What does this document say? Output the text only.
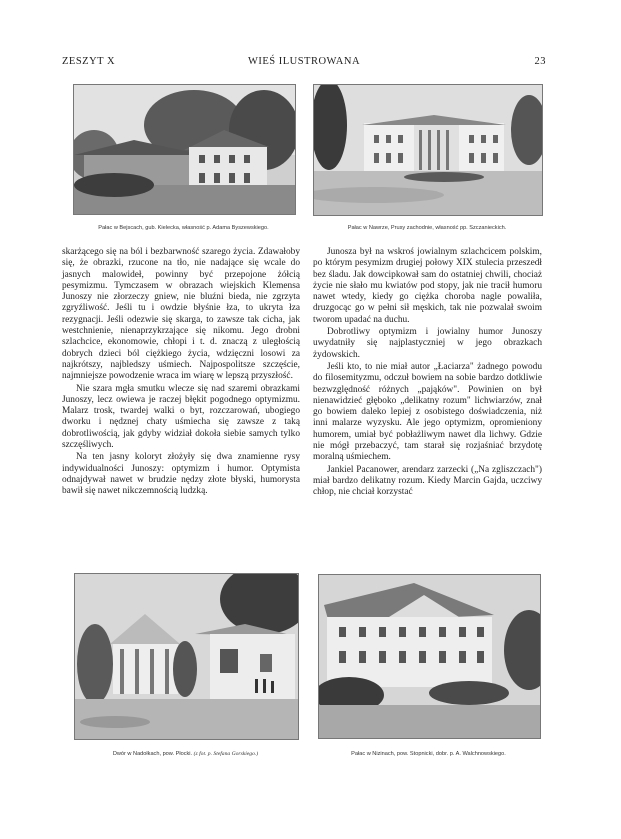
ZESZYT X	WIEŚ ILUSTROWANA	23
Pałac w Bejscach, gub. Kieleckа, własność p. Adama Byszewskiego.	Pałac w Nawrze, Prusy zachodnie, własność pp. Szczanieckich.

skarżącego się na ból i bezbarwność szarego życia. Zdawałoby się, że obrazki, rzucone na tło, nie nadające się wcale do jasnych malowideł, powinny być przepojone żółcią pesymizmu. Tymczasem w obrazach wiejskich Klemensa Junoszy nie złorzeczy gniew, nie bluźni bieda, nie zgrzyta zgryźliwość. Jeśli tu i owdzie błyśnie łza, to ukryta łza rezygnacji. Jeśli odezwie się skarga, to zawsze tak cicha, jak westchnienie, nienaprzykrzające się nikomu. Jego drobni szlachcice, ekonomowie, chłopi i t. d. znaczą z uległością dobrych dzieci ból ciężkiego życia, wdzięczni losowi za najkrótszy, najbledszy uśmiech. Najpospolitsze szczęście, najmniejsze powodzenie wraca im wiarę w lepszą przyszłość.

Nie szara mgła smutku wlecze się nad szaremi obrazkami Junoszy, lecz owiewa je raczej błękit pogodnego optymizmu. Malarz trosk, twardej walki o byt, rozczarowań, ubogiego dworku i nędznej chaty uśmiecha się zawsze z taką dobrotliwością, jak gdyby widział dokoła siebie samych tylko szczęśliwych.

Na ten jasny koloryt złożyły się dwa znamienne rysy indywidualności Junoszy: optymizm i humor. Optymista odnajdywał nawet w brudzie nędzy złote błyski, humorysta bawił się nawet nikczemnością ludzką.

Junosza był na wskroś jowialnym szlachcicem polskim, po którym pesymizm drugiej połowy XIX stulecia przeszedł bez śladu. Jak dowcipkował sam do ostatniej chwili, chociaż życie nie słało mu kwiatów pod stopy, jak nie tracił humoru nawet wtedy, kiedy go ciężka choroba nagle powaliła, druzgocąc go w pełni sił męskich, tak nie pozwalał swoim tworom upadać na duchu.

Dobrotliwy optymizm i jowialny humor Junoszy uwydatniły się najplastyczniej w jego obrazkach żydowskich.

Jeśli kto, to nie miał autor „Łaciarza" żadnego powodu do filosemityzmu, odczuł bowiem na sobie bardzo dotkliwie bezwzględność różnych „pająków". Powinien on był nienawidzieć głęboko „delikatny rozum" lichwiarzów, znał go bowiem daleko lepiej z osobistego doświadczenia, niż inni malarze wyzysku. Ale jego optymizm, opromieniony humorem, umiał być pobłażliwym nawet dla lichwy. Gdzie nie mógł przebaczyć, tam starał się rozjaśniać brzydotę moralną uśmiechem.

Jankiel Pacanower, arendarz zarzecki („Na zgliszczach") miał bardzo delikatny rozum. Kiedy Marcin Gajda, uczciwy chłop, nie chciał korzystać

Dwór w Nadołkach, pow. Płocki. (z fot. p. Stefana Gorskiego.)	Pałac w Nizinach, pow. Stopnicki, dobr. p. A. Walchnowskiego.
